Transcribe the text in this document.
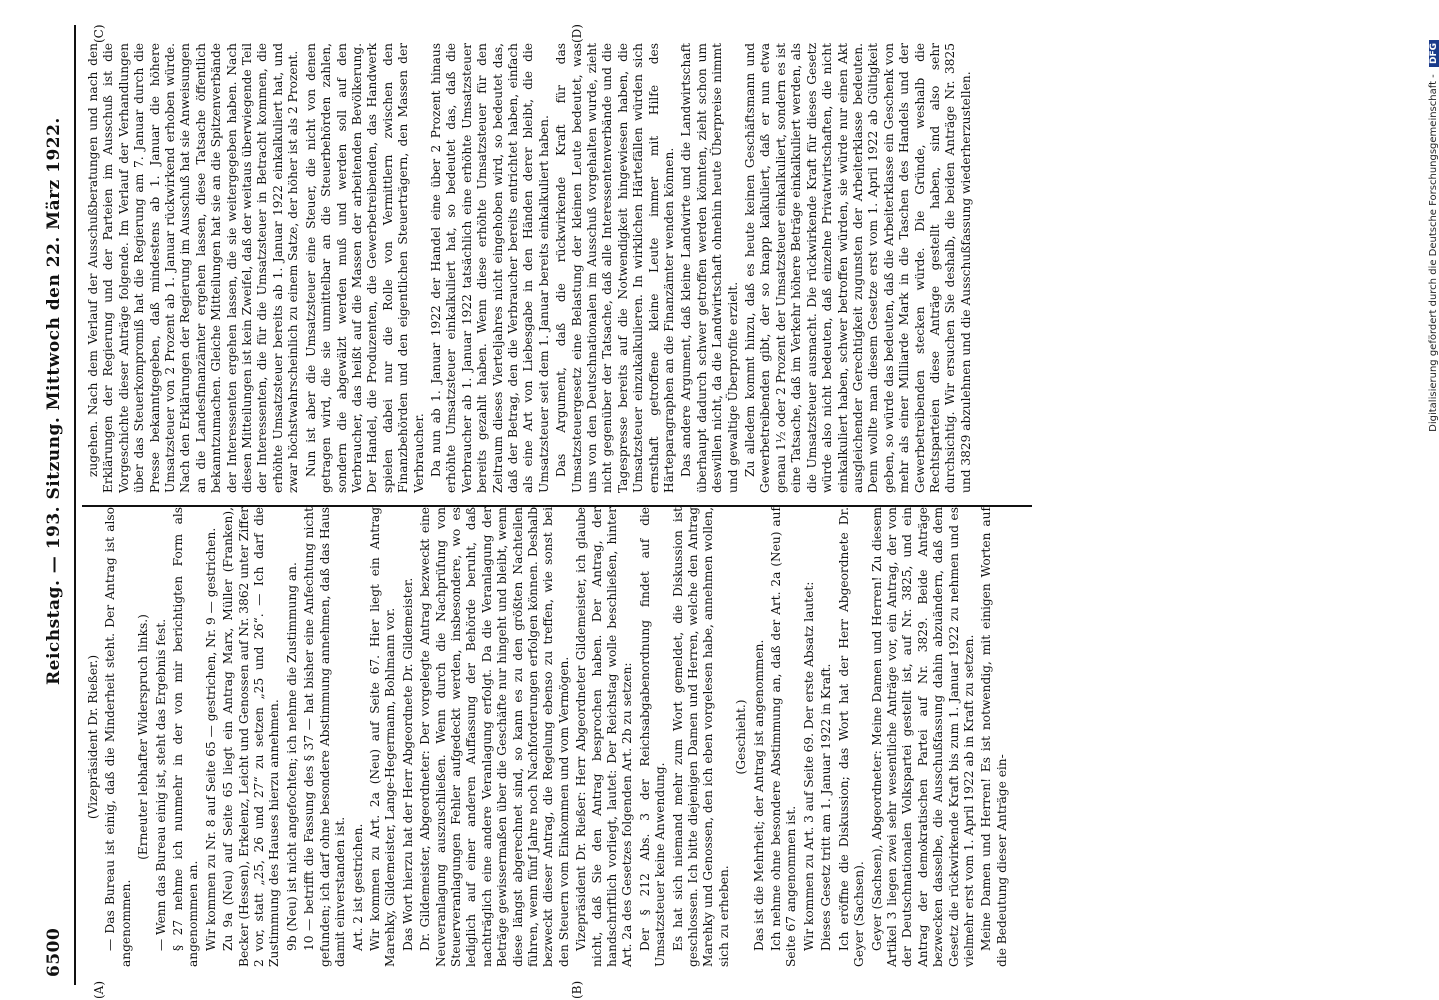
6500
Reichstag. — 193. Sitzung. Mittwoch den 22. März 1922.
(A)	(B)
(C)	(D)

(Vizepräsident Dr. Rießer.) — Das Bureau ist einig, daß die Minderheit steht. Der Antrag ist also angenommen.

(Erneuter lebhafter Widerspruch links.) — Wenn das Bureau einig ist, steht das Ergebnis fest. § 27 nehme ich nunmehr in der von mir berichtigten Form als angenommen an. Wir kommen zu Nr. 8 auf Seite 65 — gestrichen, Nr. 9 — gestrichen. Zu 9a (Neu) auf Seite 65 liegt ein Antrag Marx, Müller (Franken), Becker (Hessen), Erkelenz, Leicht und Genossen auf Nr. 3862 unter Ziffer 2 vor, statt „25, 26 und 27“ zu setzen „25 und 26“. — Ich darf die Zustimmung des Hauses hierzu annehmen. 9b (Neu) ist nicht angefochten; ich nehme die Zustimmung an. 10 — betrifft die Fassung des § 37 — hat bisher eine Anfechtung nicht gefunden; ich darf ohne besondere Abstimmung annehmen, daß das Haus damit einverstanden ist. Art. 2 ist gestrichen. Wir kommen zu Art. 2a (Neu) auf Seite 67. Hier liegt ein Antrag Marehky, Gildemeister, Lange-Hegermann, Bohlmann vor. Das Wort hierzu hat der Herr Abgeordnete Dr. Gildemeister. Dr. Gildemeister, Abgeordneter: Der vorgelegte Antrag bezweckt eine Neuveranlagung auszuschließen. Wenn durch die Nachprüfung von Steuerveranlagungen Fehler aufgedeckt werden, insbesondere, wo es lediglich auf einer anderen Auffassung der Behörde beruht, daß nachträglich eine andere Veranlagung erfolgt. Da die Veranlagung der Beträge gewissermaßen über die Geschäfte nur hingeht und bleibt, wenn diese längst abgerechnet sind, so kann es zu den größten Nachteilen führen, wenn fünf Jahre noch Nachforderungen erfolgen können. Deshalb bezweckt dieser Antrag, die Regelung ebenso zu treffen, wie sonst bei den Steuern vom Einkommen und vom Vermögen. Vizepräsident Dr. Rießer: Herr Abgeordneter Gildemeister, ich glaube nicht, daß Sie den Antrag besprochen haben. Der Antrag, der handschriftlich vorliegt, lautet: Der Reichstag wolle beschließen, hinter Art. 2a des Gesetzes folgenden Art. 2b zu setzen: Der § 212 Abs. 3 der Reichsabgabenordnung findet auf die Umsatzsteuer keine Anwendung. Es hat sich niemand mehr zum Wort gemeldet, die Diskussion ist geschlossen. Ich bitte diejenigen Damen und Herren, welche den Antrag Marehky und Genossen, den ich eben vorgelesen habe, annehmen wollen, sich zu erheben.

(Geschieht.) Das ist die Mehrheit; der Antrag ist angenommen. Ich nehme ohne besondere Abstimmung an, daß der Art. 2a (Neu) auf Seite 67 angenommen ist. Wir kommen zu Art. 3 auf Seite 69. Der erste Absatz lautet: Dieses Gesetz tritt am 1. Januar 1922 in Kraft. Ich eröffne die Diskussion; das Wort hat der Herr Abgeordnete Dr. Geyer (Sachsen). Geyer (Sachsen), Abgeordneter: Meine Damen und Herren! Zu diesem Artikel 3 liegen zwei sehr wesentliche Anträge vor, ein Antrag, der von der Deutschnationalen Volkspartei gestellt ist, auf Nr. 3825, und ein Antrag der demokratischen Partei auf Nr. 3829. Beide Anträge bezwecken dasselbe, die Ausschußfassung dahin abzuändern, daß dem Gesetz die rückwirkende Kraft bis zum 1. Januar 1922 zu nehmen und es vielmehr erst vom 1. April 1922 ab in Kraft zu setzen. Meine Damen und Herren! Es ist notwendig, mit einigen Worten auf die Bedeutung dieser Anträge ein-

zugehen. Nach dem Verlauf der Ausschußberatungen und nach den Erklärungen der Regierung und der Parteien im Ausschuß ist die Vorgeschichte dieser Anträge folgende. Im Verlauf der Verhandlungen über das Steuerkompromiß hat die Regierung am 7. Januar durch die Presse bekanntgegeben, daß mindestens ab 1. Januar die höhere Umsatzsteuer von 2 Prozent ab 1. Januar rückwirkend erhoben würde. Nach den Erklärungen der Regierung im Ausschuß hat sie Anweisungen an die Landesfinanzämter ergehen lassen, diese Tatsache öffentlich bekanntzumachen. Gleiche Mitteilungen hat sie an die Spitzenverbände der Interessenten ergehen lassen, die sie weitergegeben haben. Nach diesen Mitteilungen ist kein Zweifel, daß der weitaus überwiegende Teil der Interessenten, die für die Umsatzsteuer in Betracht kommen, die erhöhte Umsatzsteuer bereits ab 1. Januar 1922 einkalkuliert hat, und zwar höchstwahrscheinlich zu einem Satze, der höher ist als 2 Prozent. Nun ist aber die Umsatzsteuer eine Steuer, die nicht von denen getragen wird, die sie unmittelbar an die Steuerbehörden zahlen, sondern die abgewälzt werden muß und werden soll auf den Verbraucher, das heißt auf die Massen der arbeitenden Bevölkerung. Der Handel, die Produzenten, die Gewerbetreibenden, das Handwerk spielen dabei nur die Rolle von Vermittlern zwischen den Finanzbehörden und den eigentlichen Steuerträgern, den Massen der Verbraucher. Da nun ab 1. Januar 1922 der Handel eine über 2 Prozent hinaus erhöhte Umsatzsteuer einkalkuliert hat, so bedeutet das, daß die Verbraucher ab 1. Januar 1922 tatsächlich eine erhöhte Umsatzsteuer bereits gezahlt haben. Wenn diese erhöhte Umsatzsteuer für den Zeitraum dieses Vierteljahres nicht eingehoben wird, so bedeutet das, daß der Betrag, den die Verbraucher bereits entrichtet haben, einfach als eine Art von Liebesgabe in den Händen derer bleibt, die die Umsatzsteuer seit dem 1. Januar bereits einkalkuliert haben. Das Argument, daß die rückwirkende Kraft für das Umsatzsteuergesetz eine Belastung der kleinen Leute bedeutet, was uns von den Deutschnationalen im Ausschuß vorgehalten wurde, zieht nicht gegenüber der Tatsache, daß alle Interessentenverbände und die Tagespresse bereits auf die Notwendigkeit hingewiesen haben, die Umsatzsteuer einzukalkulieren. In wirklichen Härtefällen würden sich ernsthaft getroffene kleine Leute immer mit Hilfe des Härteparagraphen an die Finanzämter wenden können. Das andere Argument, daß kleine Landwirte und die Landwirtschaft überhaupt dadurch schwer getroffen werden könnten, zieht schon um deswillen nicht, da die Landwirtschaft ohnehin heute Überpreise nimmt und gewaltige Überprofite erzielt. Zu alledem kommt hinzu, daß es heute keinen Geschäftsmann und Gewerbetreibenden gibt, der so knapp kalkuliert, daß er nun etwa genau 1½ oder 2 Prozent der Umsatzsteuer einkalkuliert, sondern es ist eine Tatsache, daß im Verkehr höhere Beträge einkalkuliert werden, als die Umsatzsteuer ausmacht. Die rückwirkende Kraft für dieses Gesetz würde also nicht bedeuten, daß einzelne Privatwirtschaften, die nicht einkalkuliert haben, schwer betroffen würden, sie würde nur einen Akt ausgleichender Gerechtigkeit zugunsten der Arbeiterklasse bedeuten. Denn wollte man diesem Gesetze erst vom 1. April 1922 ab Gültigkeit geben, so würde das bedeuten, daß die Arbeiterklasse ein Geschenk von mehr als einer Milliarde Mark in die Taschen des Handels und der Gewerbetreibenden stecken würde. Die Gründe, weshalb die Rechtsparteien diese Anträge gestellt haben, sind also sehr durchsichtig. Wir ersuchen Sie deshalb, die beiden Anträge Nr. 3825 und 3829 abzulehnen und die Ausschußfassung wiederherzustellen.	Digitalisierung gefördert durch die Deutsche Forschungsgemeinschaft - DFG
